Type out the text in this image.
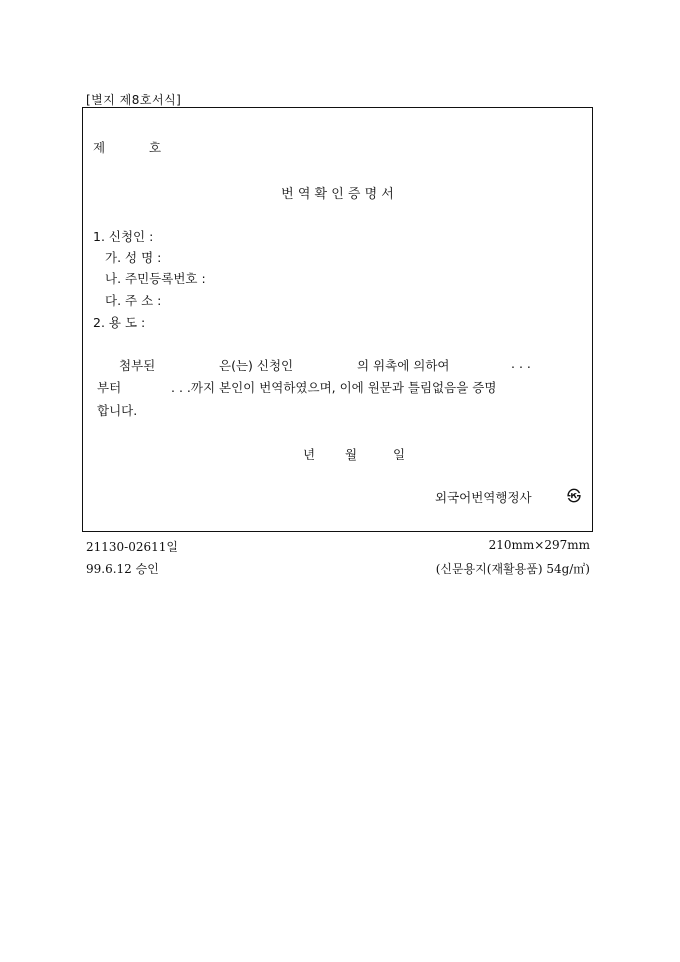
[별지 제8호서식]
제	호
번 역 확 인 증 명 서
1. 신청인 :
가. 성 명 :
나. 주민등록번호 :
다. 주 소 :
2. 용 도 :
첨부된	은(는) 신청인	의 위촉에 의하여	. . .
부터	. . .까지 본인이 번역하였으며, 이에 원문과 틀림없음을 증명
합니다.
년 월	일
외국어번역행정사	㉿
21130-02611일	210mm×297mm
99.6.12 승인	(신문용지(재활용품) 54g/㎡)
